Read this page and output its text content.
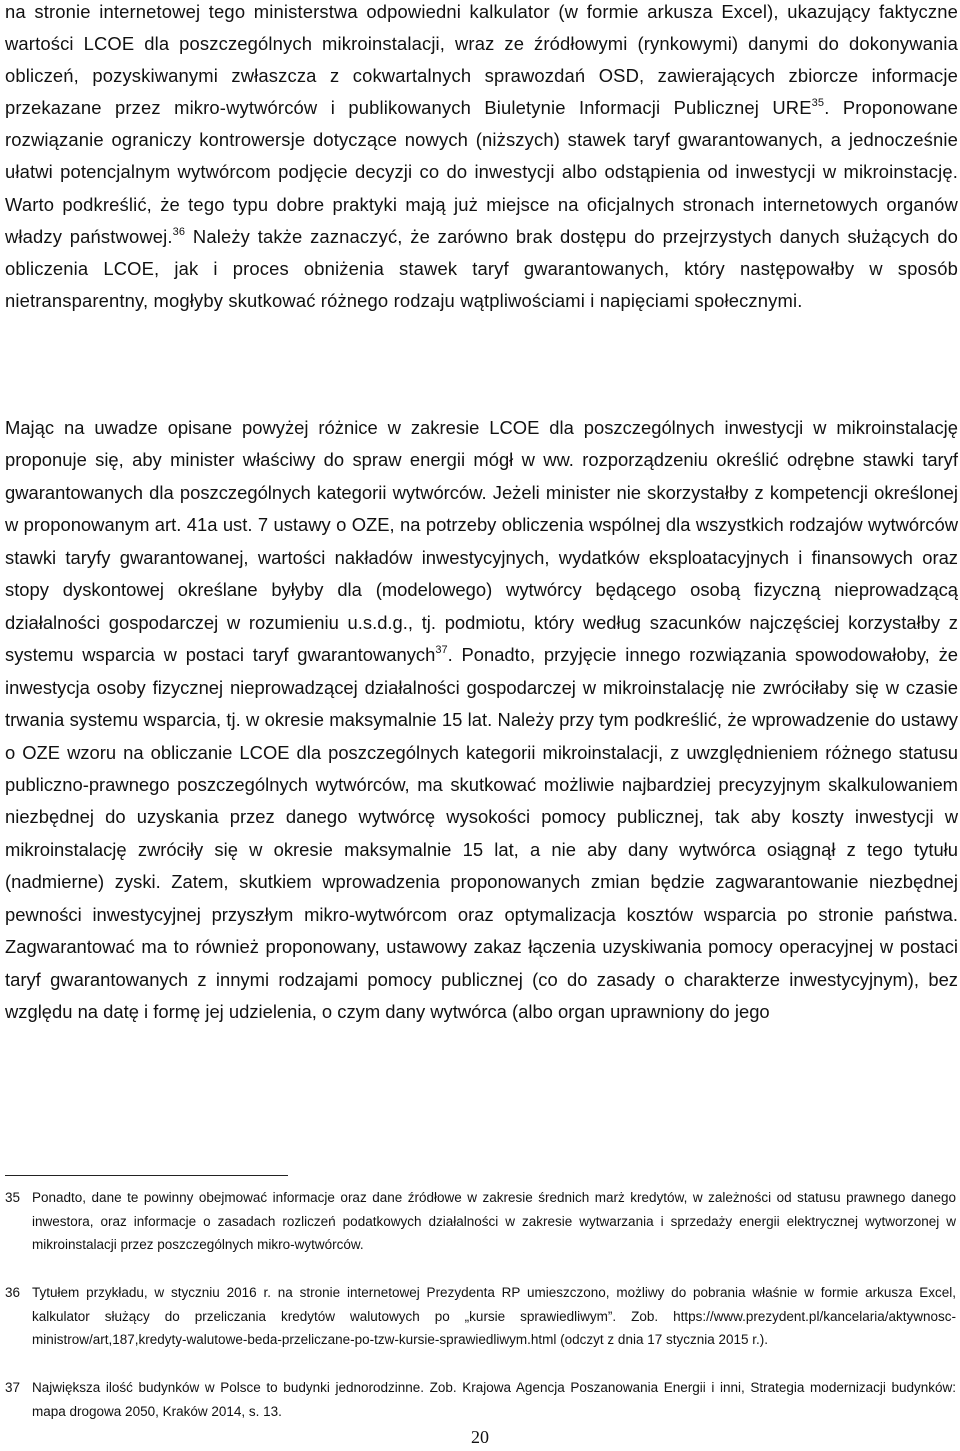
na stronie internetowej tego ministerstwa odpowiedni kalkulator (w formie arkusza Excel), ukazujący faktyczne wartości LCOE dla poszczególnych mikroinstalacji, wraz ze źródłowymi (rynkowymi) danymi do dokonywania obliczeń, pozyskiwanymi zwłaszcza z cokwartalnych sprawozdań OSD, zawierających zbiorcze informacje przekazane przez mikro-wytwórców i publikowanych Biuletynie Informacji Publicznej URE$^{35}$. Proponowane rozwiązanie ograniczy kontrowersje dotyczące nowych (niższych) stawek taryf gwarantowanych, a jednocześnie ułatwi potencjalnym wytwórcom podjęcie decyzji co do inwestycji albo odstąpienia od inwestycji w mikroinstację. Warto podkreślić, że tego typu dobre praktyki mają już miejsce na oficjalnych stronach internetowych organów władzy państwowej.$^{36}$ Należy także zaznaczyć, że zarówno brak dostępu do przejrzystych danych służących do obliczenia LCOE, jak i proces obniżenia stawek taryf gwarantowanych, który następowałby w sposób nietransparentny, mogłyby skutkować różnego rodzaju wątpliwościami i napięciami społecznymi.

Mając na uwadze opisane powyżej różnice w zakresie LCOE dla poszczególnych inwestycji w mikroinstalację proponuje się, aby minister właściwy do spraw energii mógł w ww. rozporządzeniu określić odrębne stawki taryf gwarantowanych dla poszczególnych kategorii wytwórców. Jeżeli minister nie skorzystałby z kompetencji określonej w proponowanym art. 41a ust. 7 ustawy o OZE, na potrzeby obliczenia wspólnej dla wszystkich rodzajów wytwórców stawki taryfy gwarantowanej, wartości nakładów inwestycyjnych, wydatków eksploatacyjnych i finansowych oraz stopy dyskontowej określane byłyby dla (modelowego) wytwórcy będącego osobą fizyczną nieprowadzącą działalności gospodarczej w rozumieniu u.s.d.g., tj. podmiotu, który według szacunków najczęściej korzystałby z systemu wsparcia w postaci taryf gwarantowanych$^{37}$. Ponadto, przyjęcie innego rozwiązania spowodowałoby, że inwestycja osoby fizycznej nieprowadzącej działalności gospodarczej w mikroinstalację nie zwróciłaby się w czasie trwania systemu wsparcia, tj. w okresie maksymalnie 15 lat. Należy przy tym podkreślić, że wprowadzenie do ustawy o OZE wzoru na obliczanie LCOE dla poszczególnych kategorii mikroinstalacji, z uwzględnieniem różnego statusu publiczno-prawnego poszczególnych wytwórców, ma skutkować możliwie najbardziej precyzyjnym skalkulowaniem niezbędnej do uzyskania przez danego wytwórcę wysokości pomocy publicznej, tak aby koszty inwestycji w mikroinstalację zwróciły się w okresie maksymalnie 15 lat, a nie aby dany wytwórca osiągnął z tego tytułu (nadmierne) zyski. Zatem, skutkiem wprowadzenia proponowanych zmian będzie zagwarantowanie niezbędnej pewności inwestycyjnej przyszłym mikro-wytwórcom oraz optymalizacja kosztów wsparcia po stronie państwa. Zagwarantować ma to również proponowany, ustawowy zakaz łączenia uzyskiwania pomocy operacyjnej w postaci taryf gwarantowanych z innymi rodzajami pomocy publicznej (co do zasady o charakterze inwestycyjnym), bez względu na datę i formę jej udzielenia, o czym dany wytwórca (albo organ uprawniony do jego

35 Ponadto, dane te powinny obejmować informacje oraz dane źródłowe w zakresie średnich marż kredytów, w zależności od statusu prawnego danego inwestora, oraz informacje o zasadach rozliczeń podatkowych działalności w zakresie wytwarzania i sprzedaży energii elektrycznej wytworzonej w mikroinstalacji przez poszczególnych mikro-wytwórców.
36 Tytułem przykładu, w styczniu 2016 r. na stronie internetowej Prezydenta RP umieszczono, możliwy do pobrania właśnie w formie arkusza Excel, kalkulator służący do przeliczania kredytów walutowych po „kursie sprawiedliwym”. Zob. https://www.prezydent.pl/kancelaria/aktywnosc-ministrow/art,187,kredyty-walutowe-beda-przeliczane-po-tzw-kursie-sprawiedliwym.html (odczyt z dnia 17 stycznia 2015 r.).
37 Największa ilość budynków w Polsce to budynki jednorodzinne. Zob. Krajowa Agencja Poszanowania Energii i inni, Strategia modernizacji budynków: mapa drogowa 2050, Kraków 2014, s. 13.
20
